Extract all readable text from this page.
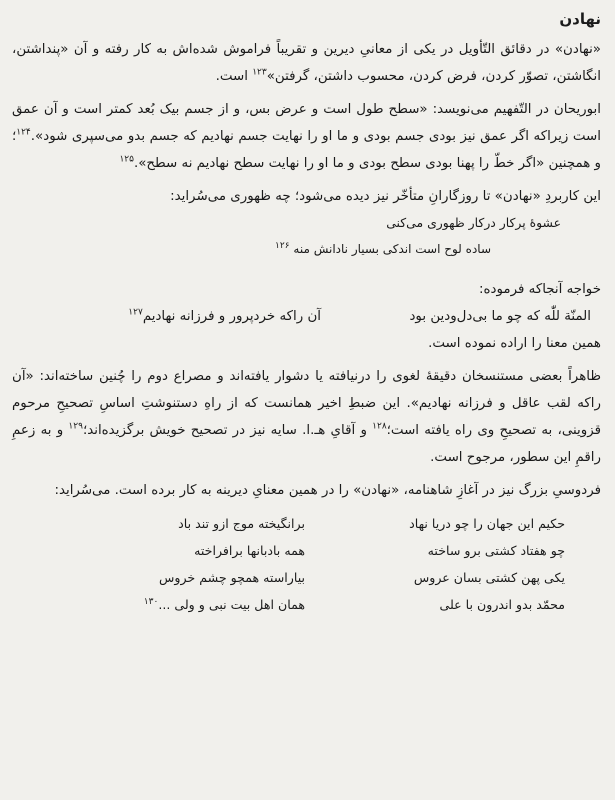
نهادن

«نهادن» در دقائق التّأویل در یکی از معانیِ دیرین و تقریباً فراموش شده‌اش به کار رفته و آن «پنداشتن، انگاشتن، تصوّر کردن، فرض کردن، محسوب داشتن، گرفتن»$^{۱۲۳}$ است.

ابوریحان در التّفهیم می‌نویسد: «سطح طول است و عرض بس، و از جسم بیک بُعد کمتر است و آن عمق است زیراکه اگر عمق نیز بودی جسم بودی و ما او را نهایت جسم نهادیم که جسم بدو می‌سپری شود».$^{۱۲۴}$؛ و همچنین «اگر خطّ را پهنا بودی سطح بودی و ما او را نهایت سطح نهادیم نه سطح».$^{۱۲۵}$

این کاربردِ «نهادن» تا روزگارانِ متأخّر نیز دیده می‌شود؛ چه ظهوری می‌سُراید:

عشوه‌ٔ پرکار درکار ظهوری می‌کنی

ساده لوح است اندکی بسیار نادانش منه $^{۱۲۶}$

خواجه آنجاکه فرموده:

المنّة للّٰه که چو ما بی‌دل‌ودین بود
آن راکه خردپرور و فرزانه نهادیم$^{۱۲۷}$

همین معنا را اراده نموده است.

ظاهراً بعضی مستنسخان دقیقهٔ لغوی را درنیافته یا دشوار یافته‌اند و مصراع دوم را چُنین ساخته‌اند: «آن راکه لقب عاقل و فرزانه نهادیم». این ضبطِ اخیر همانست که از راهِ دستنوشتِ اساسِ تصحیحِ مرحوم قزوینی، به تصحیحِ وی راه یافته است؛$^{۱۲۸}$ و آقایِ هـ.ا. سایه نیز در تصحیح خویش برگزیده‌اند؛$^{۱۲۹}$ و به زعمِ راقمِ این سطور، مرجوح است.

فردوسیِ بزرگ نیز در آغازِ شاهنامه، «نهادن» را در همین معنایِ دیرینه به کار برده است. می‌سُراید:

حکیم این جهان را چو دریا نهاد
برانگیخته موج ازو تند باد
چو هفتاد کشتی برو ساخته
همه بادبانها برافراخته
یکی پهن کشتی بسان عروس
بیاراسته همچو چشم خروس
محمّد بدو اندرون با علی
همان اهل بیت نبی و ولی ...$^{۱۳۰}$
